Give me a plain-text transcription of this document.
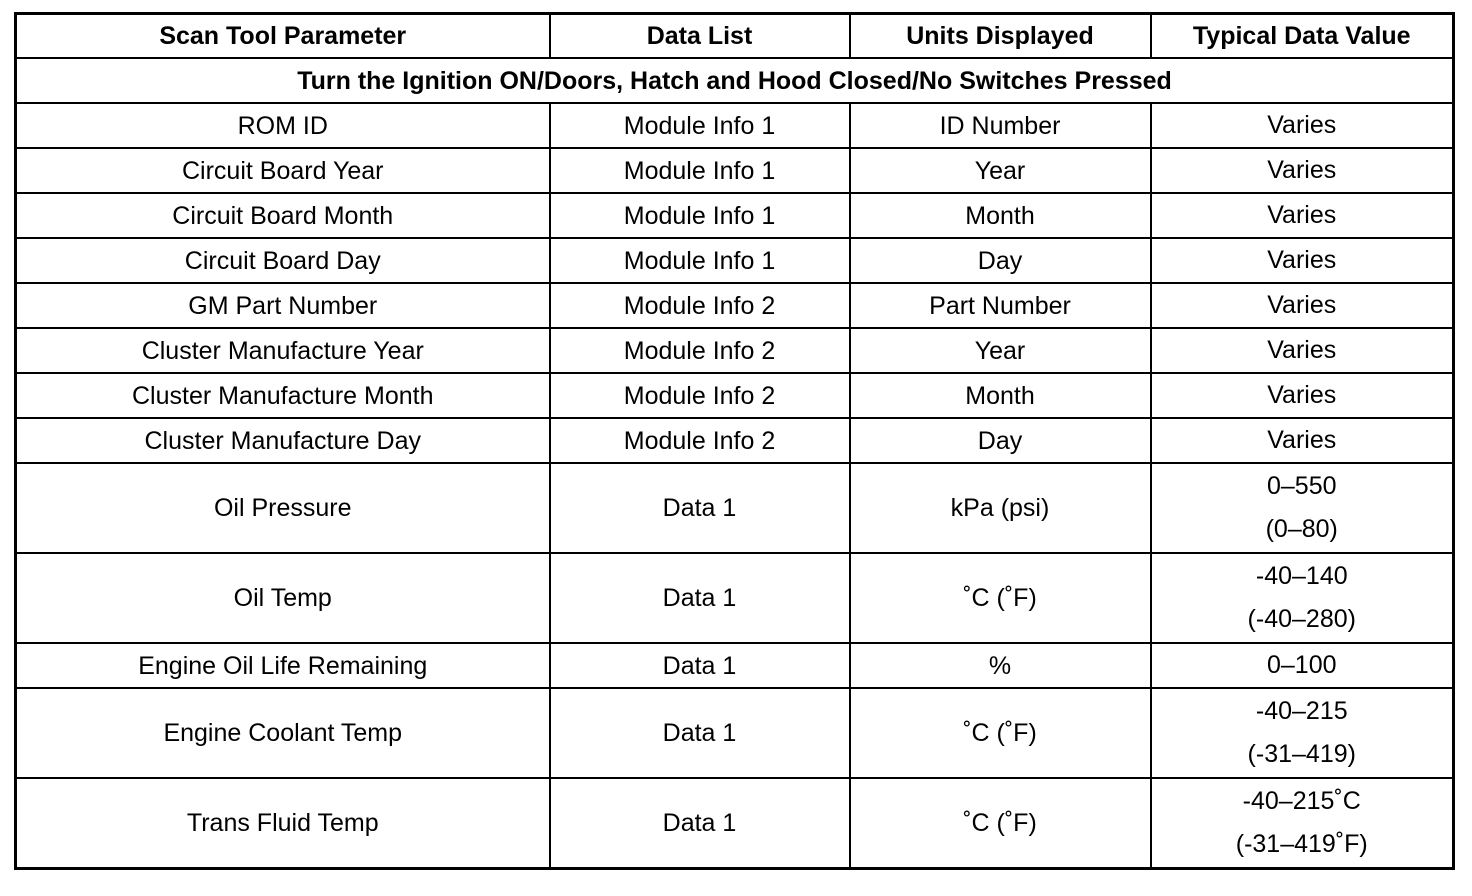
Scan Tool Parameter	Data List	Units Displayed	Typical Data Value
Turn the Ignition ON/Doors, Hatch and Hood Closed/No Switches Pressed			
ROM ID	Module Info 1	ID Number	Varies

Circuit Board Year	Module Info 1	Year	Varies

Circuit Board Month	Module Info 1	Month	Varies

Circuit Board Day	Module Info 1	Day	Varies

GM Part Number	Module Info 2	Part Number	Varies

Cluster Manufacture Year	Module Info 2	Year	Varies

Cluster Manufacture Month	Module Info 2	Month	Varies

Cluster Manufacture Day	Module Info 2	Day	Varies

Oil Pressure	Data 1	kPa (psi)	0–550
(0–80)

Oil Temp	Data 1	˚C (˚F)	-40–140
(-40–280)

Engine Oil Life Remaining	Data 1	%	0–100

Engine Coolant Temp	Data 1	˚C (˚F)	-40–215
(-31–419)

Trans Fluid Temp	Data 1	˚C (˚F)	-40–215˚C
(-31–419˚F)
